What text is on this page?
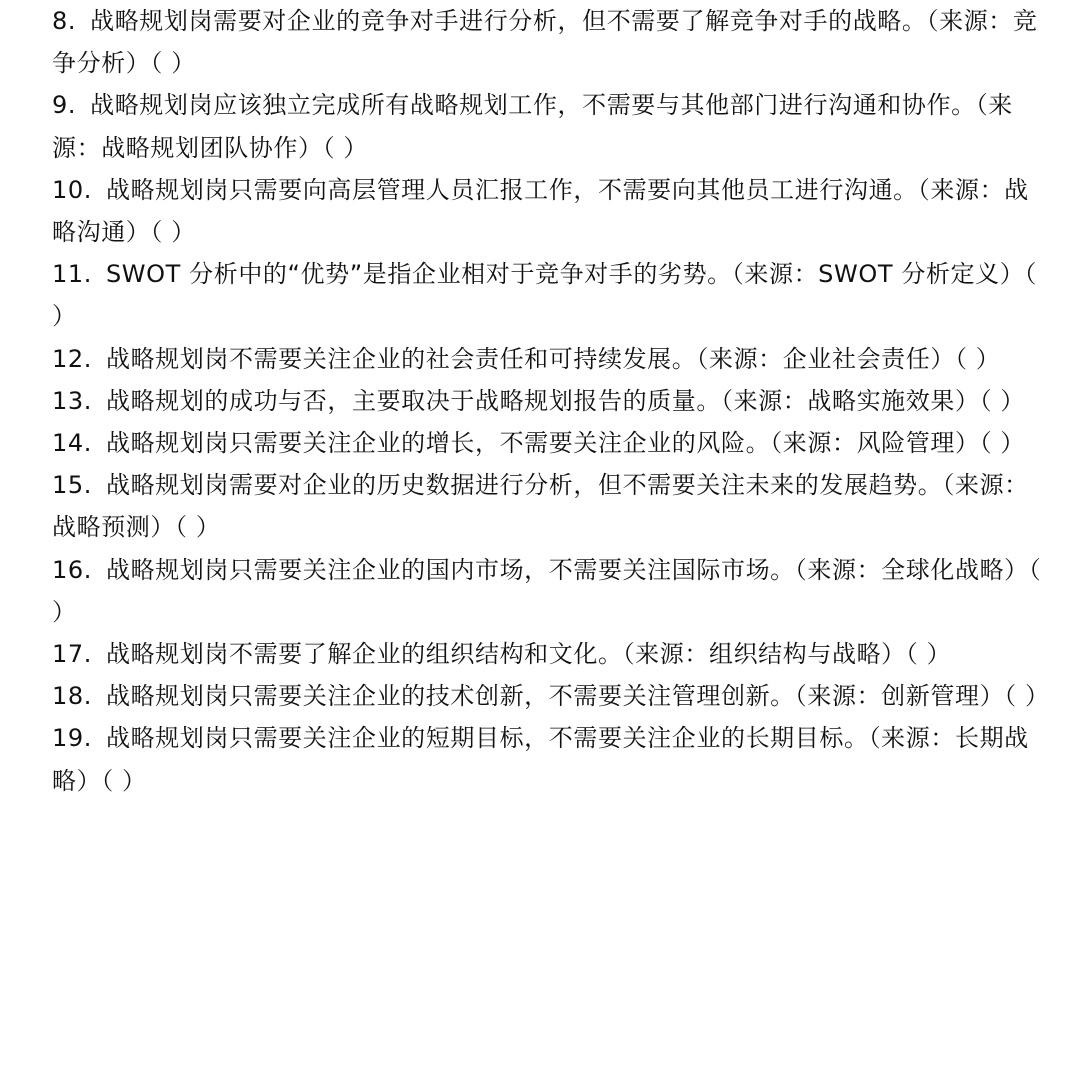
8. 战略规划岗需要对企业的竞争对手进行分析，但不需要了解竞争对手的战略。（来源：竞争分析）（ ）
9. 战略规划岗应该独立完成所有战略规划工作，不需要与其他部门进行沟通和协作。（来源：战略规划团队协作）（ ）
10. 战略规划岗只需要向高层管理人员汇报工作，不需要向其他员工进行沟通。（来源：战略沟通）（ ）
11. SWOT 分析中的“优势”是指企业相对于竞争对手的劣势。（来源：SWOT 分析定义）（ ）
12. 战略规划岗不需要关注企业的社会责任和可持续发展。（来源：企业社会责任）（ ）
13. 战略规划的成功与否，主要取决于战略规划报告的质量。（来源：战略实施效果）（ ）
14. 战略规划岗只需要关注企业的增长，不需要关注企业的风险。（来源：风险管理）（ ）
15. 战略规划岗需要对企业的历史数据进行分析，但不需要关注未来的发展趋势。（来源：战略预测）（ ）
16. 战略规划岗只需要关注企业的国内市场，不需要关注国际市场。（来源：全球化战略）（ ）
17. 战略规划岗不需要了解企业的组织结构和文化。（来源：组织结构与战略）（ ）
18. 战略规划岗只需要关注企业的技术创新，不需要关注管理创新。（来源：创新管理）（ ）
19. 战略规划岗只需要关注企业的短期目标，不需要关注企业的长期目标。（来源：长期战略）（ ）
